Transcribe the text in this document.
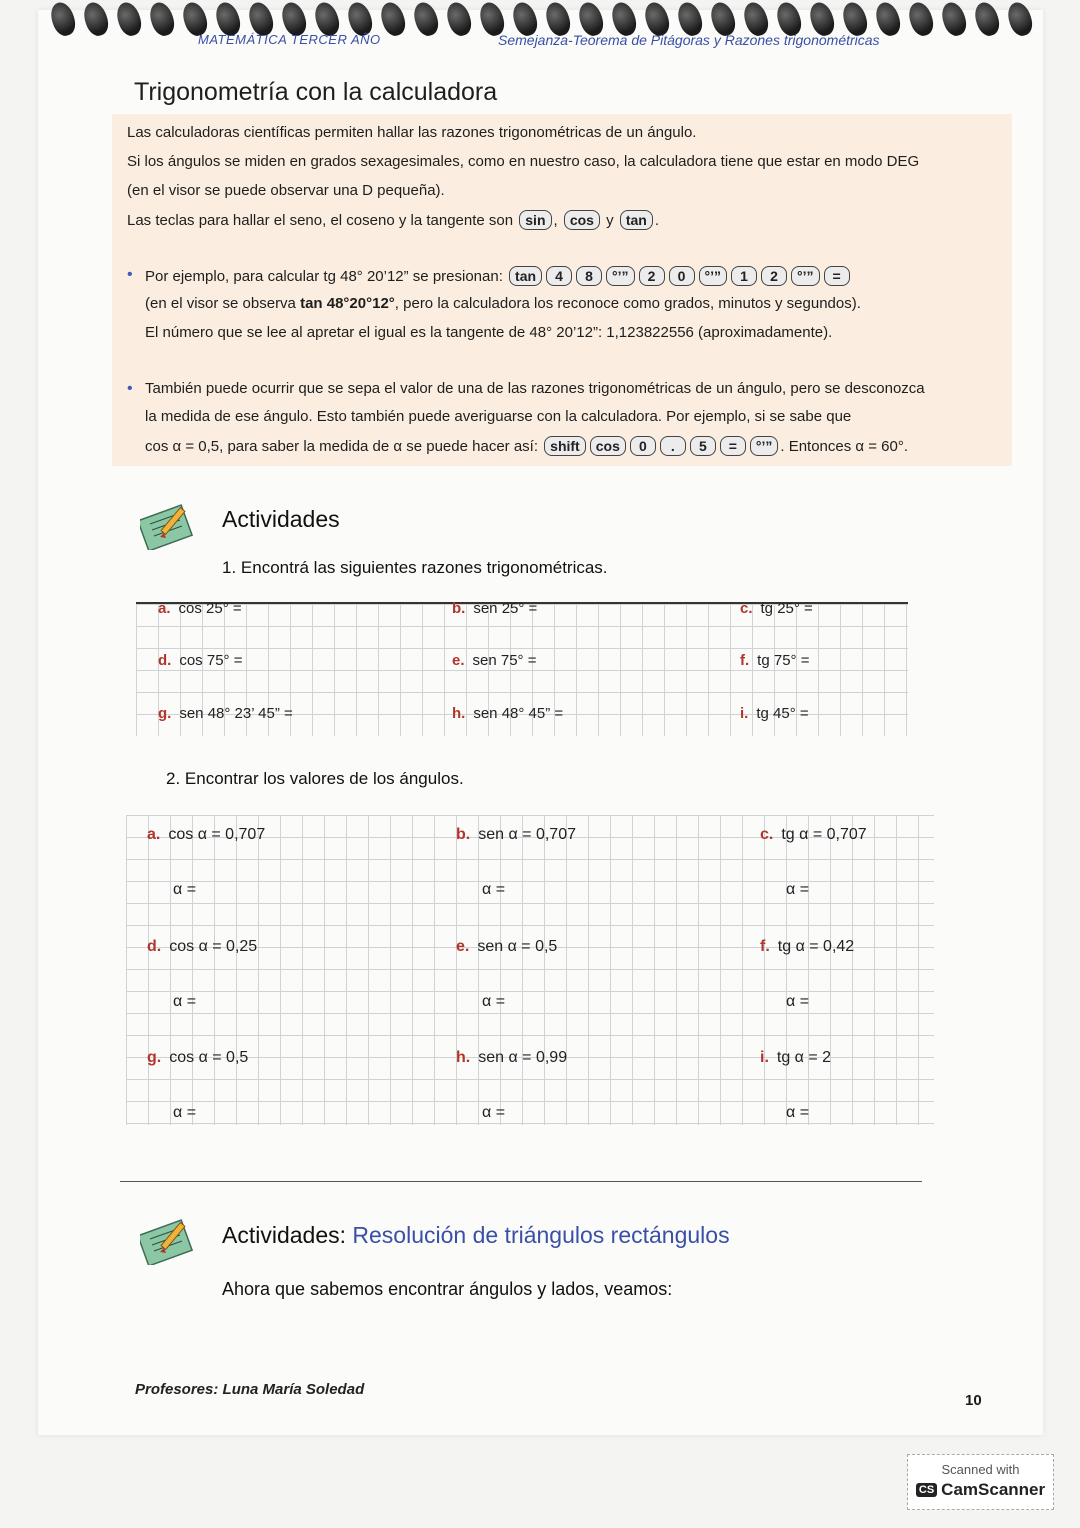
MATEMÁTICA TERCER AÑO	Semejanza-Teorema de Pitágoras y Razones trigonométricas
Trigonometría con la calculadora
Las calculadoras científicas permiten hallar las razones trigonométricas de un ángulo.
Si los ángulos se miden en grados sexagesimales, como en nuestro caso, la calculadora tiene que estar en modo DEG
(en el visor se puede observar una D pequeña).
Las teclas para hallar el seno, el coseno y la tangente son sin , cos y tan .
• Por ejemplo, para calcular tg 48° 20’12” se presionan: tan 4 8 °’” 2 0 °’” 1 2 °’” =
(en el visor se observa tan 48°20°12°, pero la calculadora los reconoce como grados, minutos y segundos).
El número que se lee al apretar el igual es la tangente de 48° 20’12”: 1,123822556 (aproximadamente).
• También puede ocurrir que se sepa el valor de una de las razones trigonométricas de un ángulo, pero se desconozca
la medida de ese ángulo. Esto también puede averiguarse con la calculadora. Por ejemplo, si se sabe que
cos α = 0,5, para saber la medida de α se puede hacer así: shift cos 0 . 5 = °’” . Entonces α = 60°.
Actividades
1. Encontrá las siguientes razones trigonométricas.
a. cos 25° =
d. cos 75° =
g. sen 48° 23’ 45” =
b. sen 25° =
e. sen 75° =
h. sen 48° 45” =
c. tg 25° =
f. tg 75° =
i. tg 45° =
2. Encontrar los valores de los ángulos.
a. cos α = 0,707
α =
d. cos α = 0,25
α =
g. cos α = 0,5
α =
b. sen α = 0,707
α =
e. sen α = 0,5
α =
h. sen α = 0,99
α =
c. tg α = 0,707
α =
f. tg α = 0,42
α =
i. tg α = 2
α =
Actividades: Resolución de triángulos rectángulos
Ahora que sabemos encontrar ángulos y lados, veamos:
Profesores: Luna María Soledad
10
Scanned with
CS CamScanner
